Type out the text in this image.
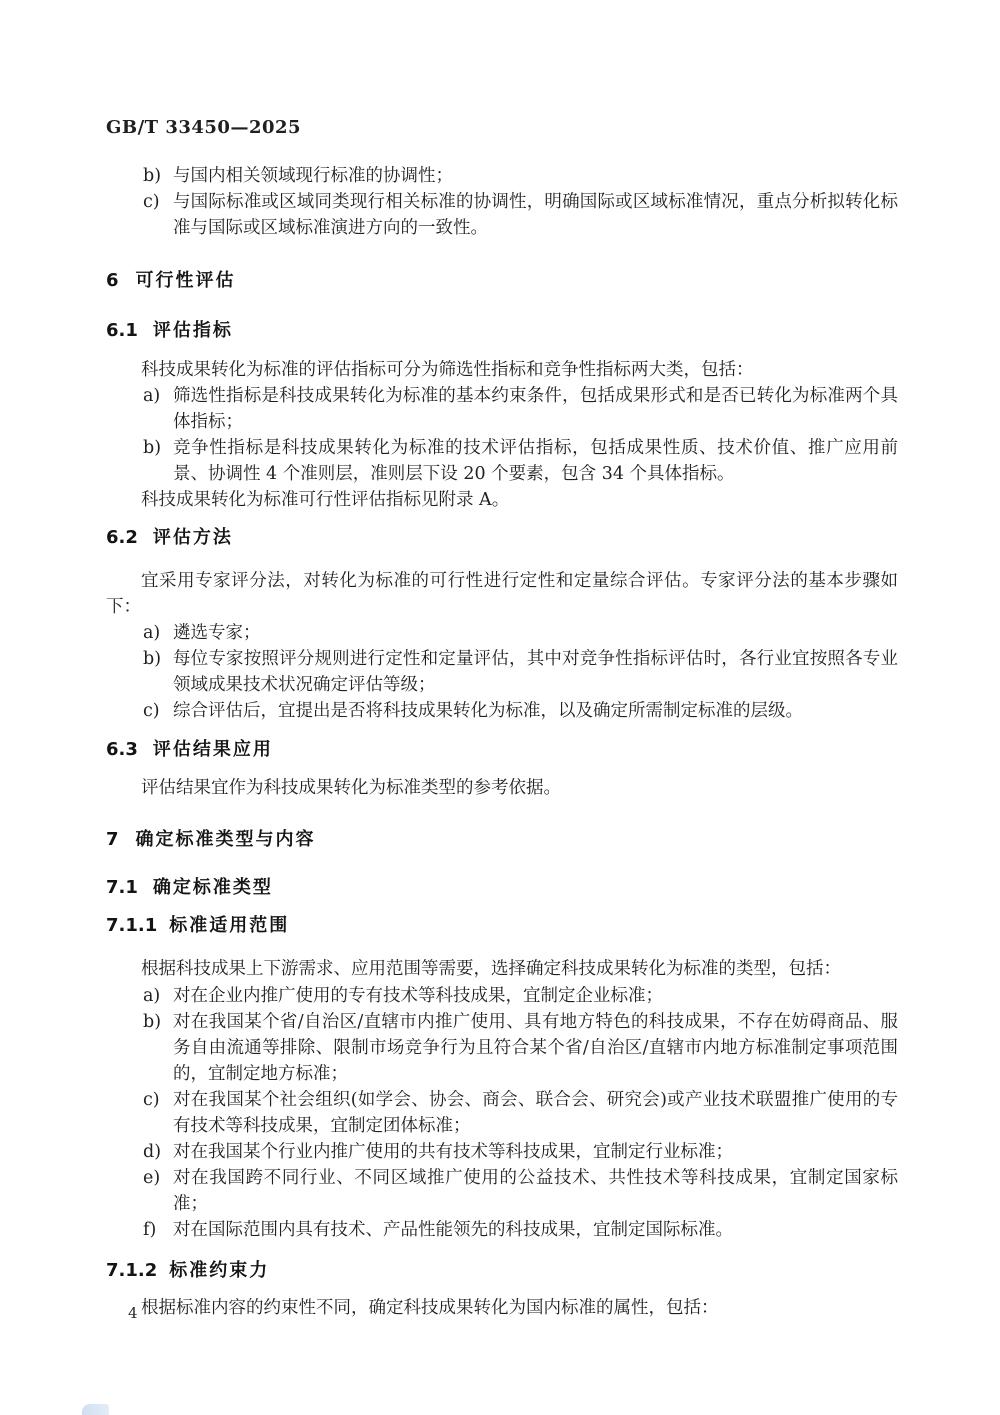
GB/T 33450—2025
b) 与国内相关领域现行标准的协调性；
c) 与国际标准或区域同类现行相关标准的协调性，明确国际或区域标准情况，重点分析拟转化标准与国际或区域标准演进方向的一致性。
6 可行性评估
6.1 评估指标

科技成果转化为标准的评估指标可分为筛选性指标和竞争性指标两大类，包括：

a) 筛选性指标是科技成果转化为标准的基本约束条件，包括成果形式和是否已转化为标准两个具体指标；
b) 竞争性指标是科技成果转化为标准的技术评估指标，包括成果性质、技术价值、推广应用前景、协调性 4 个准则层，准则层下设 20 个要素，包含 34 个具体指标。

科技成果转化为标准可行性评估指标见附录 A。

6.2 评估方法

宜采用专家评分法，对转化为标准的可行性进行定性和定量综合评估。专家评分法的基本步骤如下：

a) 遴选专家；
b) 每位专家按照评分规则进行定性和定量评估，其中对竞争性指标评估时，各行业宜按照各专业领域成果技术状况确定评估等级；
c) 综合评估后，宜提出是否将科技成果转化为标准，以及确定所需制定标准的层级。
6.3 评估结果应用

评估结果宜作为科技成果转化为标准类型的参考依据。

7 确定标准类型与内容
7.1 确定标准类型
7.1.1 标准适用范围

根据科技成果上下游需求、应用范围等需要，选择确定科技成果转化为标准的类型，包括：

a) 对在企业内推广使用的专有技术等科技成果，宜制定企业标准；
b) 对在我国某个省/自治区/直辖市内推广使用、具有地方特色的科技成果，不存在妨碍商品、服务自由流通等排除、限制市场竞争行为且符合某个省/自治区/直辖市内地方标准制定事项范围的，宜制定地方标准；
c) 对在我国某个社会组织(如学会、协会、商会、联合会、研究会)或产业技术联盟推广使用的专有技术等科技成果，宜制定团体标准；
d) 对在我国某个行业内推广使用的共有技术等科技成果，宜制定行业标准；
e) 对在我国跨不同行业、不同区域推广使用的公益技术、共性技术等科技成果，宜制定国家标准；
f) 对在国际范围内具有技术、产品性能领先的科技成果，宜制定国际标准。
7.1.2 标准约束力

根据标准内容的约束性不同，确定科技成果转化为国内标准的属性，包括：

4
